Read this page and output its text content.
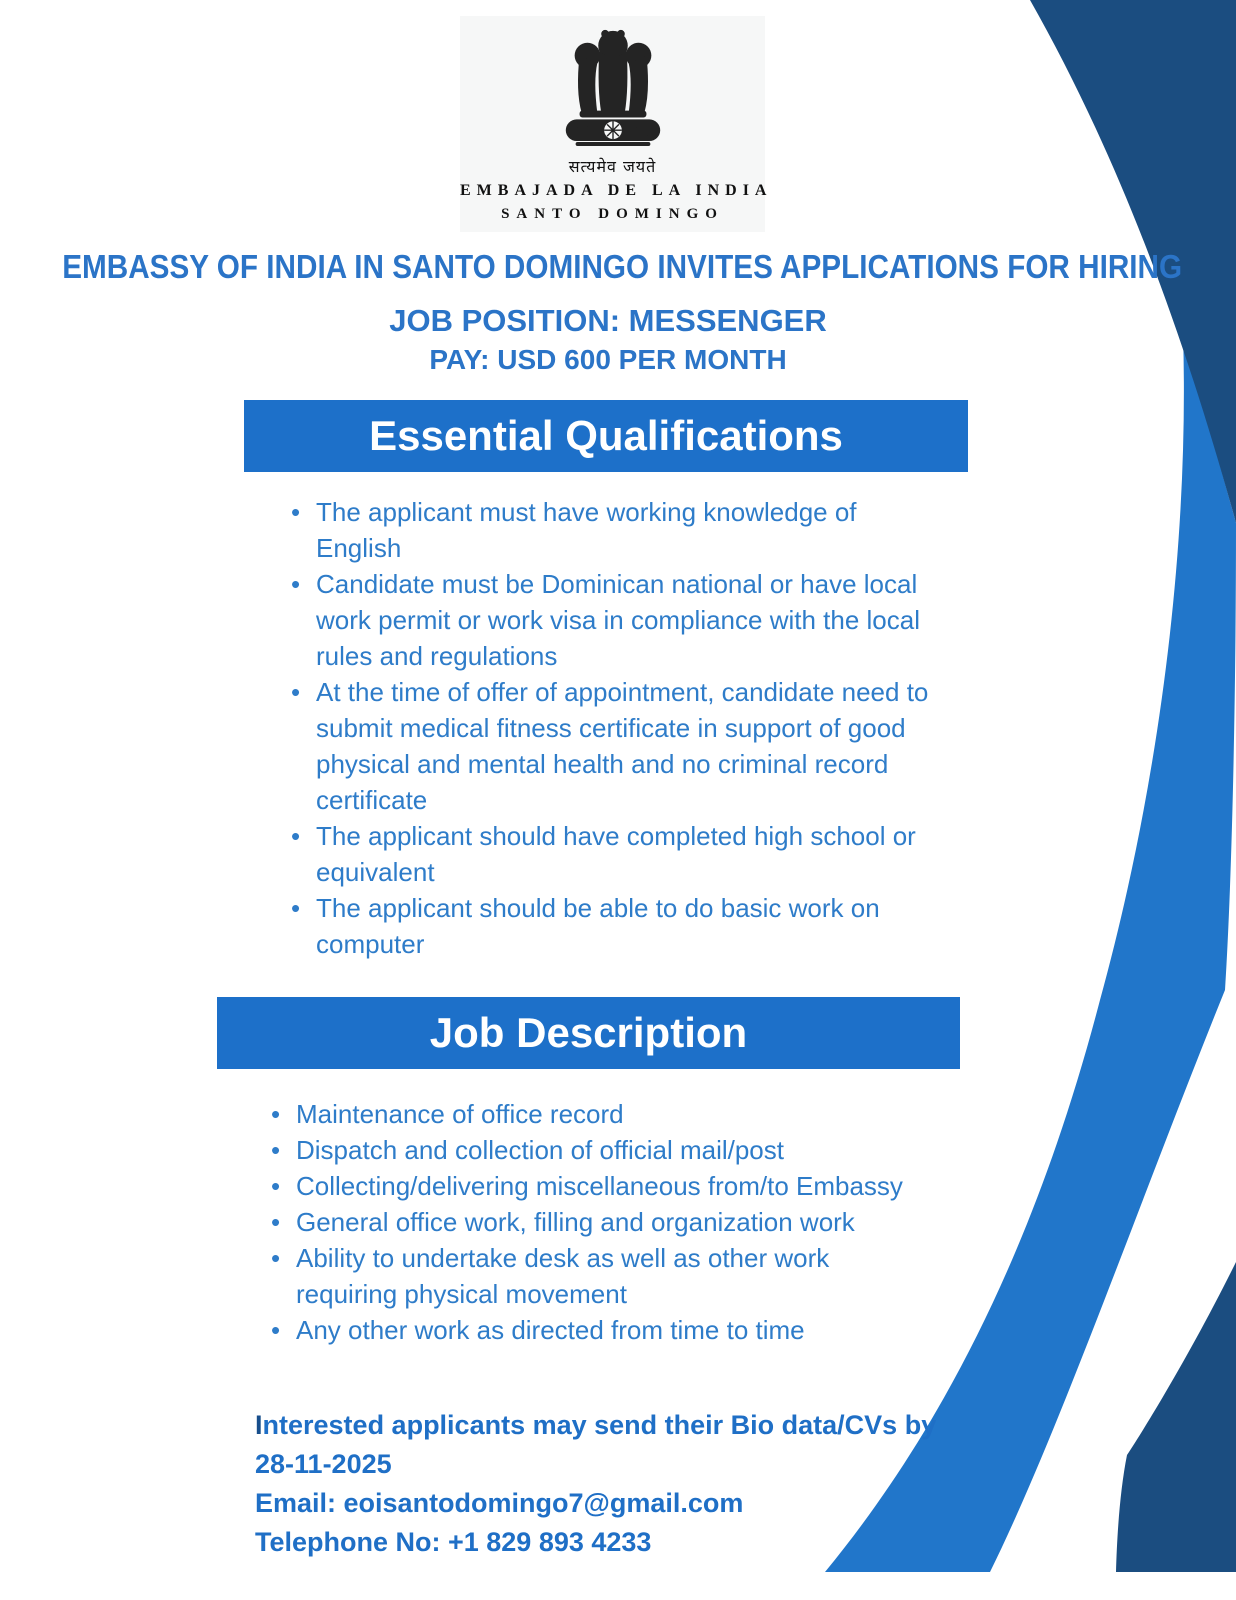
सत्यमेव जयते
EMBAJADA DE LA INDIA
SANTO DOMINGO
EMBASSY OF INDIA IN SANTO DOMINGO INVITES APPLICATIONS FOR HIRING
JOB POSITION: MESSENGER
PAY: USD 600 PER MONTH
Essential Qualifications
• The applicant must have working knowledge of English
• Candidate must be Dominican national or have local work permit or work visa in compliance with the local rules and regulations
• At the time of offer of appointment, candidate need to submit medical fitness certificate in support of good physical and mental health and no criminal record certificate
• The applicant should have completed high school or equivalent
• The applicant should be able to do basic work on computer
Job Description
• Maintenance of office record
• Dispatch and collection of official mail/post
• Collecting/delivering miscellaneous from/to Embassy
• General office work, filling and organization work
• Ability to undertake desk as well as other work requiring physical movement
• Any other work as directed from time to time
Interested applicants may send their Bio data/CVs by
28-11-2025
Email: eoisantodomingo7@gmail.com
Telephone No: +1 829 893 4233
